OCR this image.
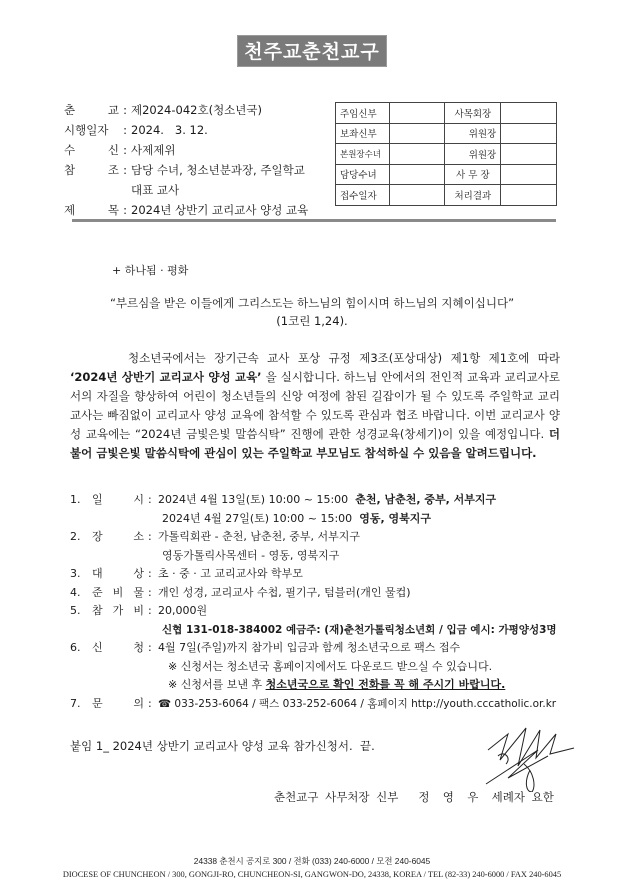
천주교춘천교구
춘	교 : 제2024-042호(청소년국)
시행일자	: 2024.   3. 12.
수	신 : 사제제위
참	조 : 담당 수녀, 청소년분과장, 주일학교
대표 교사
제	목 : 2024년 상반기 교리교사 양성 교육
주임신부		사목회장	
보좌신부		위원장	
본원장수녀		위원장	
담당수녀		사 무 장	
접수일자		처리결과	
+ 하나됨 · 평화
“부르심을 받은 이들에게 그리스도는 하느님의 힘이시며 하느님의 지혜이십니다”
(1코린 1,24).
청소년국에서는 장기근속 교사 포상 규정 제3조(포상대상) 제1항 제1호에 따라 ‘2024년 상반기 교리교사 양성 교육’ 을 실시합니다. 하느님 안에서의 전인적 교육과 교리교사로서의 자질을 향상하여 어린이 청소년들의 신앙 여정에 참된 길잡이가 될 수 있도록 주일학교 교리교사는 빠짐없이 교리교사 양성 교육에 참석할 수 있도록 관심과 협조 바랍니다. 이번 교리교사 양성 교육에는 “2024년 금빛은빛 말씀식탁” 진행에 관한 성경교육(창세기)이 있을 예정입니다. 더불어 금빛은빛 말씀식탁에 관심이 있는 주일학교 부모님도 참석하실 수 있음을 알려드립니다.
1.	일	시 : 2024년 4월 13일(토) 10:00 ~ 15:00 춘천, 남춘천, 중부, 서부지구
2024년 4월 27일(토) 10:00 ~ 15:00 영동, 영북지구
2.	장	소 : 가톨릭회관 - 춘천, 남춘천, 중부, 서부지구
영동가톨릭사목센터 - 영동, 영북지구
3.	대	상 : 초 · 중 · 고 교리교사와 학부모
4.	준 비 물 : 개인 성경, 교리교사 수첩, 필기구, 텀블러(개인 물컵)
5.	참 가 비 : 20,000원
신협 131-018-384002 예금주: (재)춘천가톨릭청소년회 / 입금 예시: 가평양성3명
6.	신	청 : 4월 7일(주일)까지 참가비 입금과 함께 청소년국으로 팩스 접수
※ 신청서는 청소년국 홈페이지에서도 다운로드 받으실 수 있습니다.
※ 신청서를 보낸 후 청소년국으로 확인 전화를 꼭 해 주시기 바랍니다.
7.	문	의 : ☎ 033-253-6064 / 팩스 033-252-6064 / 홈페이지 http://youth.cccatholic.or.kr
붙임 1_ 2024년 상반기 교리교사 양성 교육 참가신청서.  끝.
춘천교구 사무처장 신부   정  영  우  세례자 요한
24338 춘천시 공지로 300 / 전화 (033) 240-6000 / 모전 240-6045
DIOCESE OF CHUNCHEON / 300, GONGJI-RO, CHUNCHEON-SI, GANGWON-DO, 24338, KOREA / TEL (82-33) 240-6000 / FAX 240-6045
